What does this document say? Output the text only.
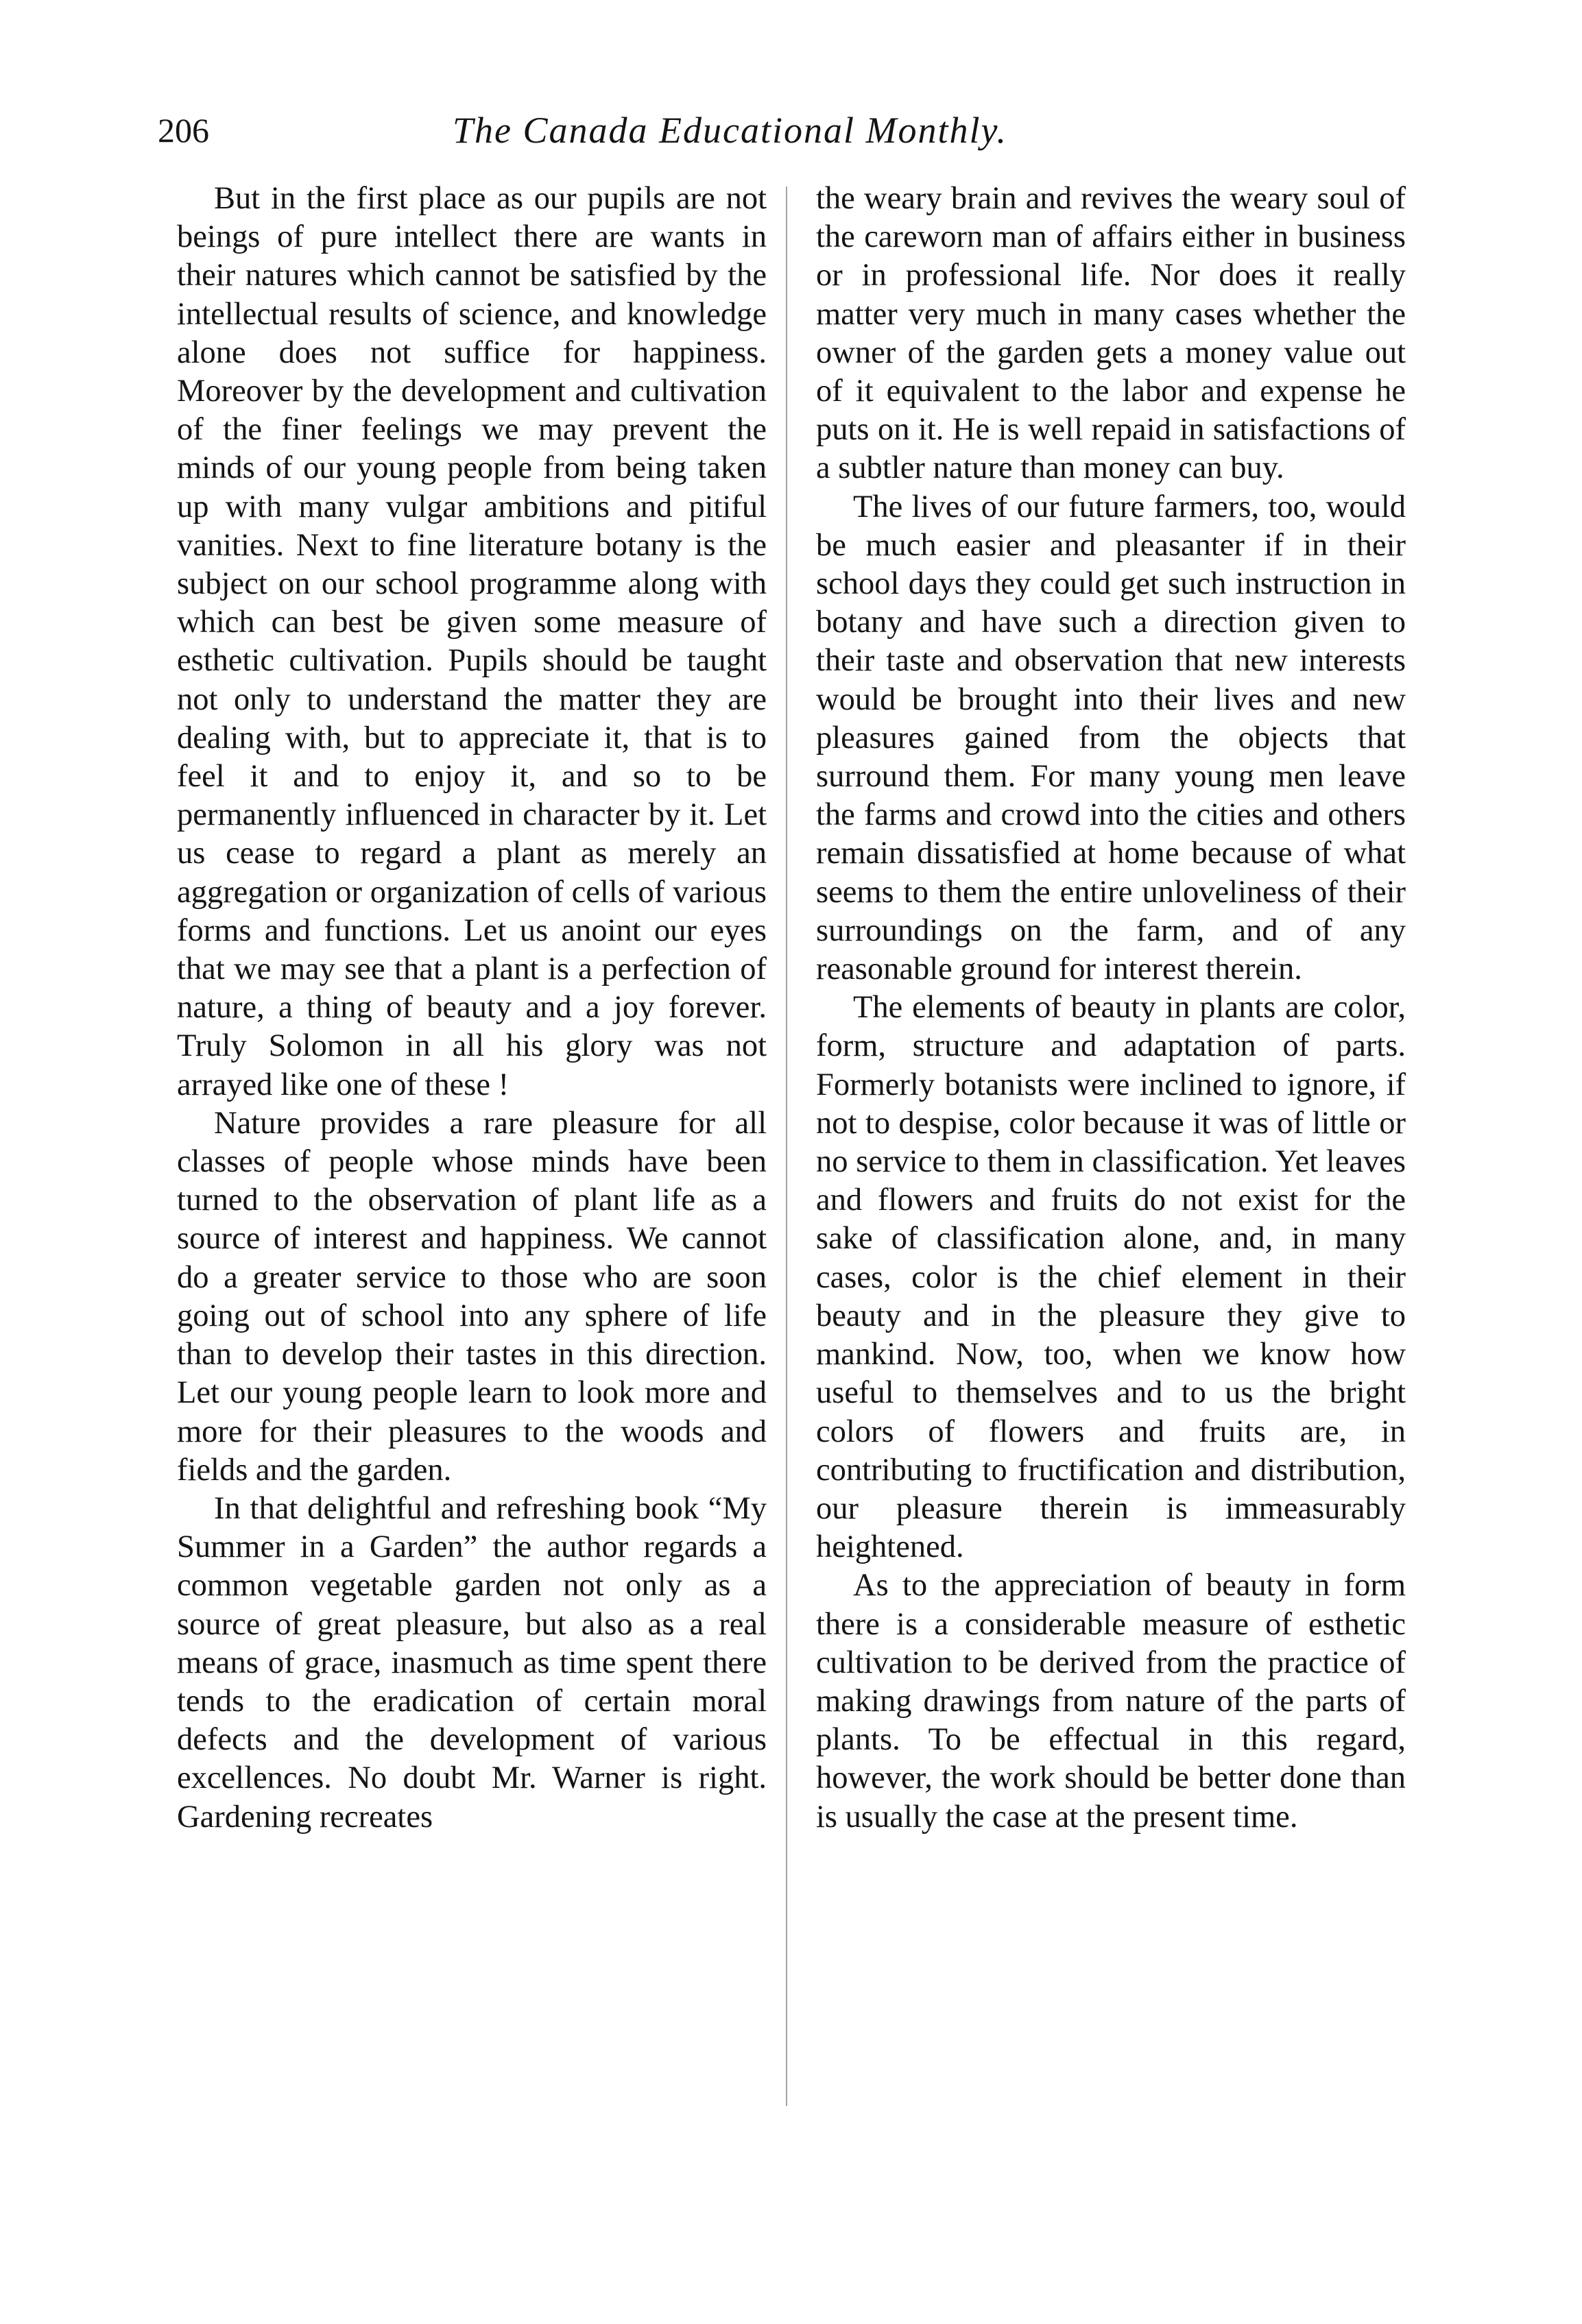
206	The Canada Educational Monthly.

But in the first place as our pupils are not beings of pure intellect there are wants in their natures which cannot be satisfied by the intellectual results of science, and knowledge alone does not suffice for happiness. Moreover by the development and cultivation of the finer feelings we may prevent the minds of our young people from being taken up with many vulgar ambitions and pitiful vanities. Next to fine literature botany is the subject on our school programme along with which can best be given some measure of esthetic cultivation. Pupils should be taught not only to understand the matter they are dealing with, but to appreciate it, that is to feel it and to enjoy it, and so to be permanently influenced in character by it. Let us cease to regard a plant as merely an aggregation or organization of cells of various forms and functions. Let us anoint our eyes that we may see that a plant is a perfection of nature, a thing of beauty and a joy forever. Truly Solomon in all his glory was not arrayed like one of these !

Nature provides a rare pleasure for all classes of people whose minds have been turned to the observation of plant life as a source of interest and happiness. We cannot do a greater service to those who are soon going out of school into any sphere of life than to develop their tastes in this direction. Let our young people learn to look more and more for their pleasures to the woods and fields and the garden.

In that delightful and refreshing book “My Summer in a Garden” the author regards a common vegetable garden not only as a source of great pleasure, but also as a real means of grace, inasmuch as time spent there tends to the eradication of certain moral defects and the development of various excellences. No doubt Mr. Warner is right. Gardening recreates

the weary brain and revives the weary soul of the careworn man of affairs either in business or in professional life. Nor does it really matter very much in many cases whether the owner of the garden gets a money value out of it equivalent to the labor and expense he puts on it. He is well repaid in satisfactions of a subtler nature than money can buy.

The lives of our future farmers, too, would be much easier and pleasanter if in their school days they could get such instruction in botany and have such a direction given to their taste and observation that new interests would be brought into their lives and new pleasures gained from the objects that surround them. For many young men leave the farms and crowd into the cities and others remain dissatisfied at home because of what seems to them the entire unloveliness of their surroundings on the farm, and of any reasonable ground for interest therein.

The elements of beauty in plants are color, form, structure and adaptation of parts. Formerly botanists were inclined to ignore, if not to despise, color because it was of little or no service to them in classification. Yet leaves and flowers and fruits do not exist for the sake of classification alone, and, in many cases, color is the chief element in their beauty and in the pleasure they give to mankind. Now, too, when we know how useful to themselves and to us the bright colors of flowers and fruits are, in contributing to fructification and distribution, our pleasure therein is immeasurably heightened.

As to the appreciation of beauty in form there is a considerable measure of esthetic cultivation to be derived from the practice of making drawings from nature of the parts of plants. To be effectual in this regard, however, the work should be better done than is usually the case at the present time.
